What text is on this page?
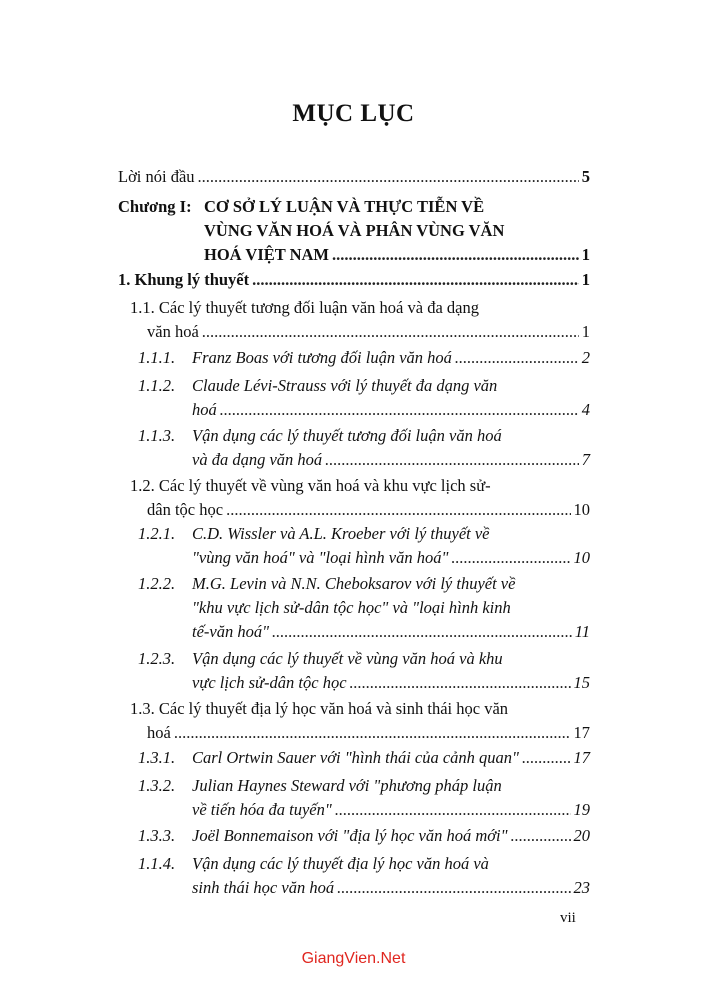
MỤC LỤC
Lời nói đầu .....	5
Chương I: CƠ SỞ LÝ LUẬN VÀ THỰC TIỄN VỀ
VÙNG VĂN HOÁ VÀ PHÂN VÙNG VĂN
HOÁ VIỆT NAM .....	1
1. Khung lý thuyết .....	1
1.1. Các lý thuyết tương đối luận văn hoá và đa dạng
văn hoá .....	1
1.1.1.	Franz Boas với tương đối luận văn hoá .....	2
1.1.2.	Claude Lévi-Strauss với lý thuyết đa dạng văn
hoá .....	4
1.1.3.	Vận dụng các lý thuyết tương đối luận văn hoá
và đa dạng văn hoá .....	7
1.2. Các lý thuyết về vùng văn hoá và khu vực lịch sử-
dân tộc học .....	10
1.2.1.	C.D. Wissler và A.L. Kroeber với lý thuyết về
"vùng văn hoá" và "loại hình văn hoá" .....	10
1.2.2.	M.G. Levin và N.N. Cheboksarov với lý thuyết về
"khu vực lịch sử-dân tộc học" và "loại hình kinh
tế-văn hoá" .....	11
1.2.3.	Vận dụng các lý thuyết về vùng văn hoá và khu
vực lịch sử-dân tộc học .....	15
1.3. Các lý thuyết địa lý học văn hoá và sinh thái học văn
hoá .....	17
1.3.1.	Carl Ortwin Sauer với "hình thái của cảnh quan" .....	17
1.3.2.	Julian Haynes Steward với "phương pháp luận
về tiến hóa đa tuyến" .....	19
1.3.3.	Joël Bonnemaison với "địa lý học văn hoá mới" .....	20
1.1.4.	Vận dụng các lý thuyết địa lý học văn hoá và
sinh thái học văn hoá .....	23
vii
GiangVien.Net
